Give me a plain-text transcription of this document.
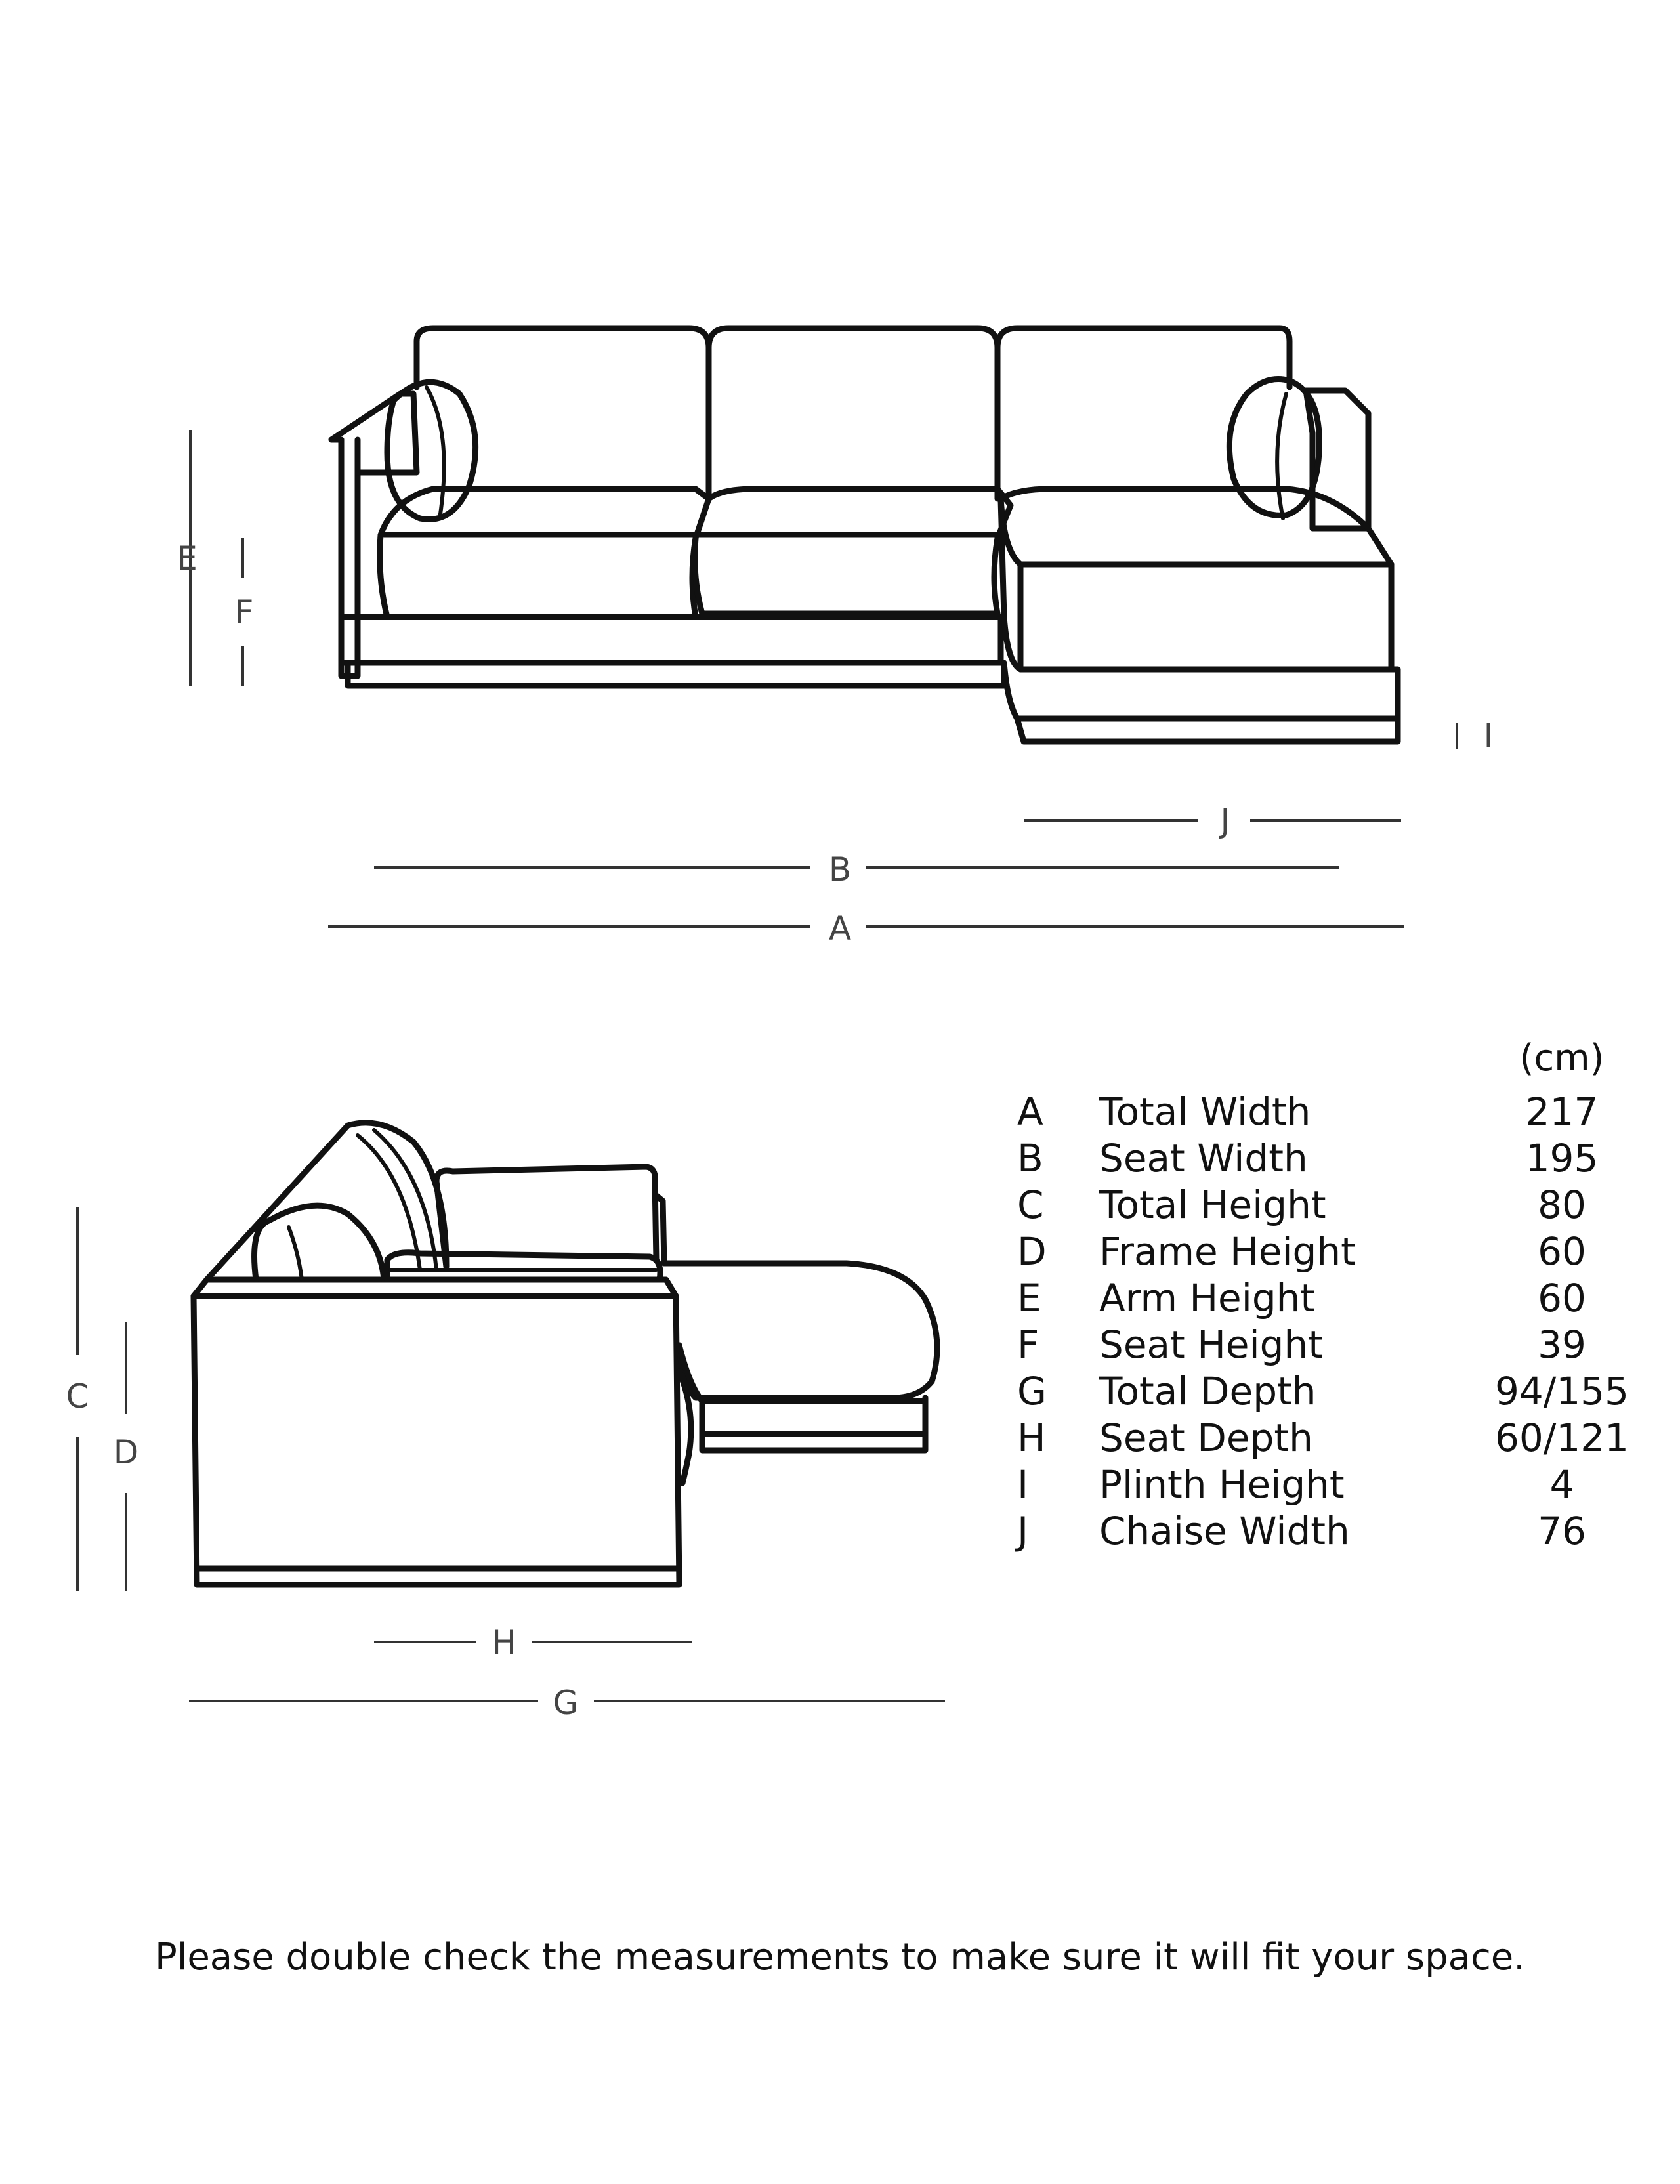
E
F
I
J
B
A
C
D
H
G
(cm)
A	Total Width	217
B	Seat Width	195
C	Total Height	80
D Frame Height	60
E	Arm Height	60
F	Seat Height	39
G Total Depth	94/155
H Seat Depth	60/121
I	Plinth Height	4
J	Chaise Width	76
Please double check the measurements to make sure it will fit your space.
